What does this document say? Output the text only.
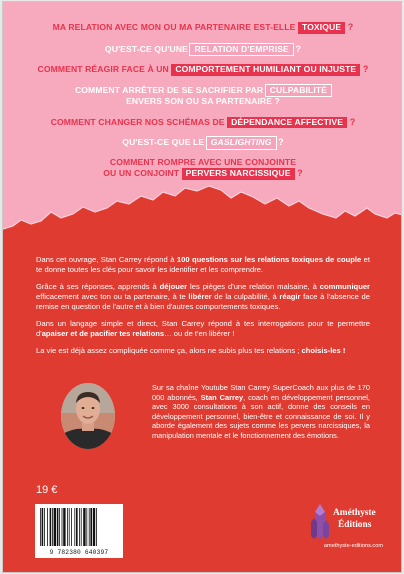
MA RELATION AVEC MON OU MA PARTENAIRE EST-ELLE TOXIQUE ?
QU'EST-CE QU'UNE RELATION D'EMPRISE ?
COMMENT RÉAGIR FACE À UN COMPORTEMENT HUMILIANT OU INJUSTE ?
COMMENT ARRÊTER DE SE SACRIFIER PAR CULPABILITÉ
ENVERS SON OU SA PARTENAIRE ?
COMMENT CHANGER NOS SCHÉMAS DE DÉPENDANCE AFFECTIVE ?
QU'EST-CE QUE LE GASLIGHTING ?
COMMENT ROMPRE AVEC UNE CONJOINTE
OU UN CONJOINT PERVERS NARCISSIQUE ?

Dans cet ouvrage, Stan Carrey répond à 100 questions sur les relations toxiques de couple et te donne toutes les clés pour savoir les identifier et les comprendre.

Grâce à ses réponses, apprends à déjouer les pièges d'une relation malsaine, à communiquer efficacement avec ton ou ta partenaire, à te libérer de la culpabilité, à réagir face à l'absence de remise en question de l'autre et à bien d'autres comportements toxiques.

Dans un langage simple et direct, Stan Carrey répond à tes interrogations pour te permettre d'apaiser et de pacifier tes relations… ou de t'en libérer !

La vie est déjà assez compliquée comme ça, alors ne subis plus tes relations ; choisis-les !

Sur sa chaîne Youtube Stan Carrey SuperCoach aux plus de 170 000 abonnés, Stan Carrey, coach en développement personnel, avec 3000 consultations à son actif, donne des conseils en développement personnel, bien-être et connaissance de soi. Il y aborde également des sujets comme les pervers narcissiques, la manipulation mentale et le fonctionnement des émotions.
19 €
9 782380 640397
Améthyste
Éditions
amethyste-editions.com
